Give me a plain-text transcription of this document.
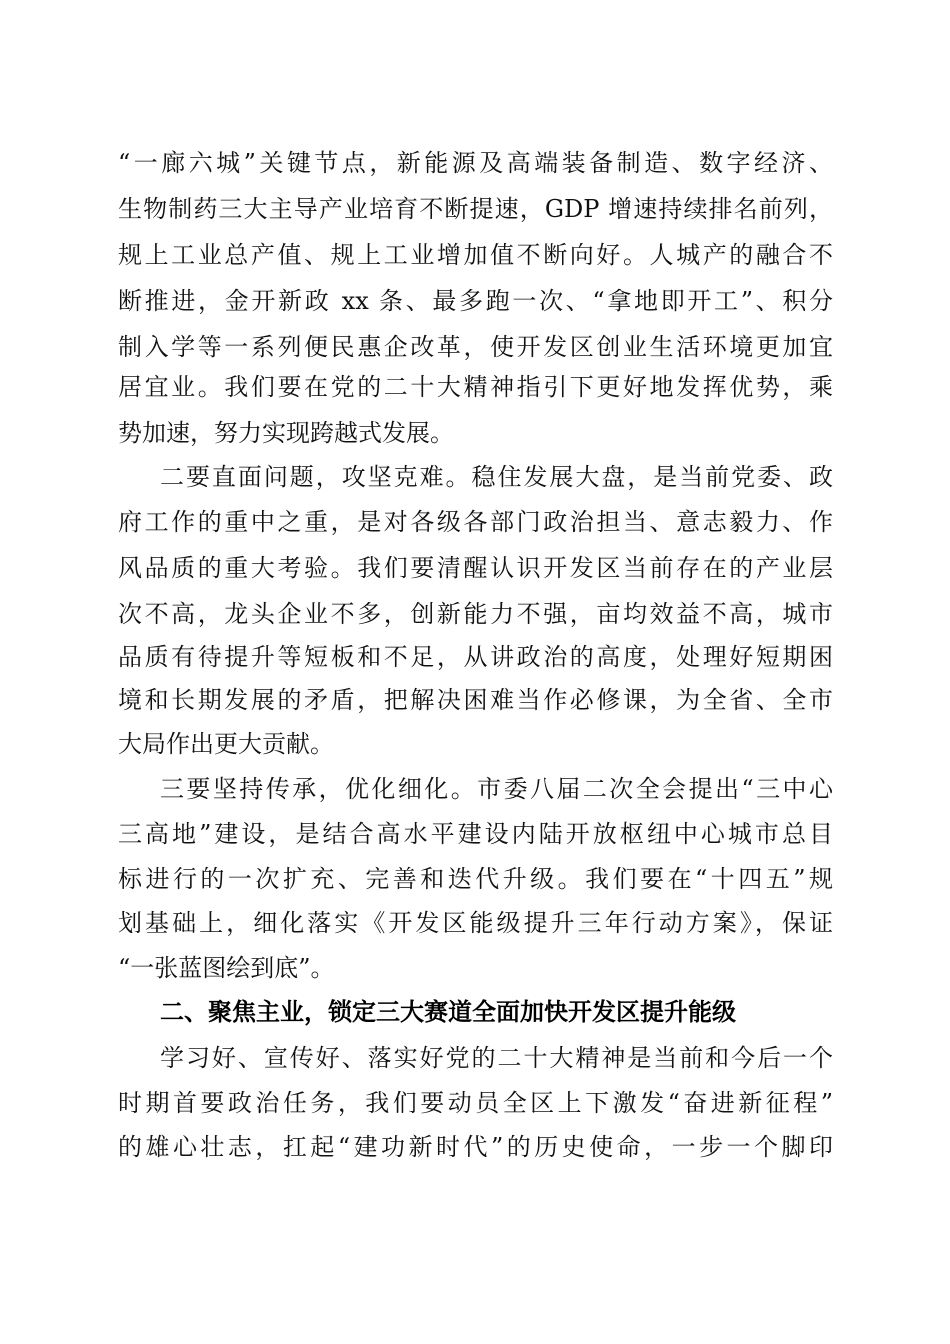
“一廊六城”关键节点，新能源及高端装备制造、数字经济、
生物制药三大主导产业培育不断提速，GDP 增速持续排名前列，
规上工业总产值、规上工业增加值不断向好。人城产的融合不
断推进，金开新政 xx 条、最多跑一次、“拿地即开工”、积分
制入学等一系列便民惠企改革，使开发区创业生活环境更加宜
居宜业。我们要在党的二十大精神指引下更好地发挥优势，乘
势加速，努力实现跨越式发展。
二要直面问题，攻坚克难。稳住发展大盘，是当前党委、政
府工作的重中之重，是对各级各部门政治担当、意志毅力、作
风品质的重大考验。我们要清醒认识开发区当前存在的产业层
次不高，龙头企业不多，创新能力不强，亩均效益不高，城市
品质有待提升等短板和不足，从讲政治的高度，处理好短期困
境和长期发展的矛盾，把解决困难当作必修课，为全省、全市
大局作出更大贡献。
三要坚持传承，优化细化。市委八届二次全会提出“三中心
三高地”建设，是结合高水平建设内陆开放枢纽中心城市总目
标进行的一次扩充、完善和迭代升级。我们要在“十四五”规
划基础上，细化落实《开发区能级提升三年行动方案》，保证
“一张蓝图绘到底”。
二、聚焦主业，锁定三大赛道全面加快开发区提升能级
学习好、宣传好、落实好党的二十大精神是当前和今后一个
时期首要政治任务，我们要动员全区上下激发“奋进新征程”
的雄心壮志，扛起“建功新时代”的历史使命，一步一个脚印
